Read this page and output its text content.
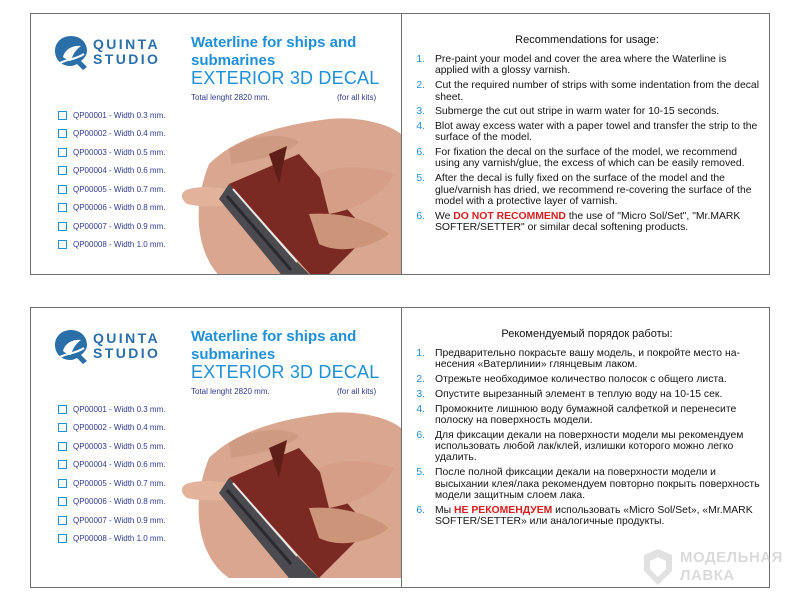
QUINTA
STUDIO
Waterline for ships and submarines
EXTERIOR 3D DECAL
Total lenght 2820 mm.	(for all kits)
QP00001 - Width 0.3 mm.
QP00002 - Width 0.4 mm.
QP00003 - Width 0.5 mm.
QP00004 - Width 0.6 mm.
QP00005 - Width 0.7 mm.
QP00006 - Width 0.8 mm.
QP00007 - Width 0.9 mm.
QP00008 - Width 1.0 mm.
Recommendations for usage:
1. Pre-paint your model and cover the area where the Waterline is applied with a glossy varnish.
2. Cut the required number of strips with some indentation from the decal sheet.
3. Submerge the cut out stripe in warm water for 10-15 seconds.
4. Blot away excess water with a paper towel and transfer the strip to the surface of the model.
6. For fixation the decal on the surface of the model, we recommend using any varnish/glue, the excess of which can be easily removed.
5. After the decal is fully fixed on the surface of the model and the glue/varnish has dried, we recommend re-covering the surface of the model with a protective layer of varnish.
6. We DO NOT RECOMMEND the use of "Micro Sol/Set", "Mr.MARK SOFTER/SETTER" or similar decal softening products.
QUINTA
STUDIO
Waterline for ships and submarines
EXTERIOR 3D DECAL
Total lenght 2820 mm.	(for all kits)
QP00001 - Width 0.3 mm.
QP00002 - Width 0.4 mm.
QP00003 - Width 0.5 mm.
QP00004 - Width 0.6 mm.
QP00005 - Width 0.7 mm.
QP00006 - Width 0.8 mm.
QP00007 - Width 0.9 mm.
QP00008 - Width 1.0 mm.
Рекомендуемый порядок работы:
1. Предварительно покрасьте вашу модель, и покройте место на-несения «Ватерлинии» глянцевым лаком.
2. Отрежьте необходимое количество полосок с общего листа.
3. Опустите вырезанный элемент в теплую воду на 10-15 сек.
4. Промокните лишнюю воду бумажной салфеткой и перенесите полоску на поверхность модели.
6. Для фиксации декали на поверхности модели мы рекомендуем использовать любой лак/клей, излишки которого можно легко удалить.
5. После полной фиксации декали на поверхности модели и высыхании клея/лака рекомендуем повторно покрыть поверхность модели защитным слоем лака.
6. Мы НЕ РЕКОМЕНДУЕМ использовать «Micro Sol/Set», «Mr.MARK SOFTER/SETTER» или аналогичные продукты.
МОДЕЛЬНАЯ
ЛАВКА
